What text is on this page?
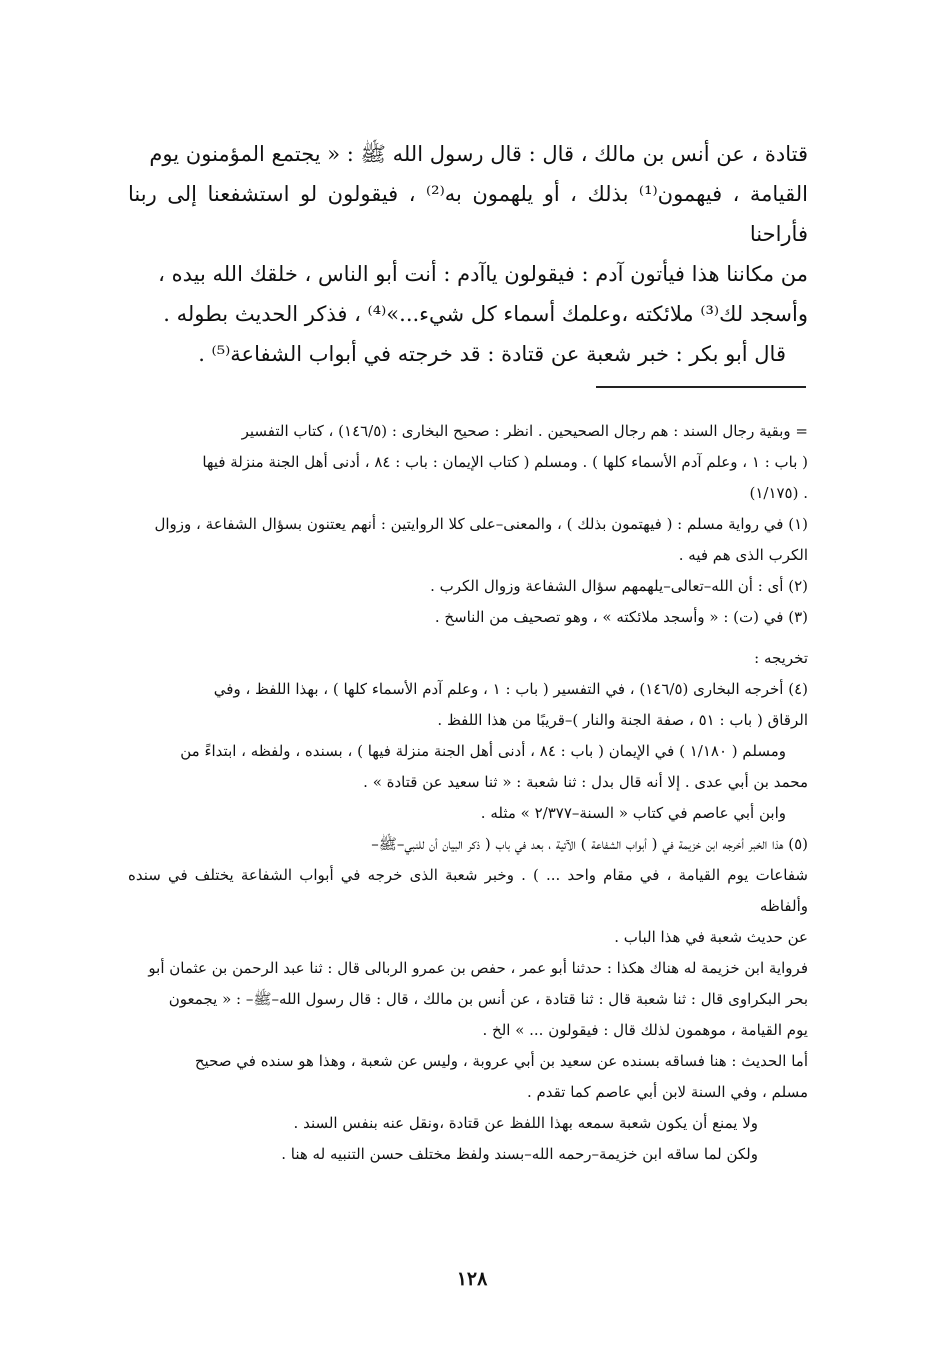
قتادة ، عن أنس بن مالك ، قال : قال رسول الله ﷺ : « يجتمع المؤمنون يوم

القيامة ، فيهمون⁽¹⁾ بذلك ، أو يلهمون به⁽²⁾ ، فيقولون لو استشفعنا إلى ربنا فأراحنا

من مكاننا هذا فيأتون آدم : فيقولون ياآدم : أنت أبو الناس ، خلقك الله بيده ،

وأسجد لك⁽³⁾ ملائكته ،وعلمك أسماء كل شيء...»⁽⁴⁾ ، فذكر الحديث بطوله .

قال أبو بكر : خبر شعبة عن قتادة : قد خرجته في أبواب الشفاعة⁽⁵⁾ .

= وبقية رجال السند : هم رجال الصحيحين . انظر : صحيح البخارى : (١٤٦/٥) ، كتاب التفسير

( باب : ١ ، وعلم آدم الأسماء كلها ) . ومسلم ( كتاب الإيمان : باب : ٨٤ ، أدنى أهل الجنة منزلة فيها

. (١/١٧٥)

(١) في رواية مسلم : ( فيهتمون بذلك ) ، والمعنى–على كلا الروايتين : أنهم يعتنون بسؤال الشفاعة ، وزوال

الكرب الذى هم فيه .

(٢) أى : أن الله–تعالى–يلهمهم سؤال الشفاعة وزوال الكرب .

(٣) في (ت) : « وأسجد ملائكته » ، وهو تصحيف من الناسخ .

تخريجه :

(٤) أخرجه البخارى (١٤٦/٥) ، في التفسير ( باب : ١ ، وعلم آدم الأسماء كلها ) ، بهذا اللفظ ، وفي

الرقاق ( باب : ٥١ ، صفة الجنة والنار )–قريبًا من هذا اللفظ .

ومسلم ( ١/١٨٠ ) في الإيمان ( باب : ٨٤ ، أدنى أهل الجنة منزلة فيها ) ، بسنده ، ولفظه ، ابتداءً من

محمد بن أبي عدى . إلا أنه قال بدل : ثنا شعبة : « ثنا سعيد عن قتادة » .

وابن أبي عاصم في كتاب « السنة–٢/٣٧٧ » مثله .

(٥) هذا الخبر أخرجه ابن خزيمة في ( أبواب الشفاعة ) الآتية ، بعد في باب ( ذكر البيان أن للنبي–ﷺ–

شفاعات يوم القيامة ، في مقام واحد ... ) . وخبر شعبة الذى خرجه في أبواب الشفاعة يختلف في سنده وألفاظه

عن حديث شعبة في هذا الباب .

فرواية ابن خزيمة له هناك هكذا : حدثنا أبو عمر ، حفص بن عمرو الربالى قال : ثنا عبد الرحمن بن عثمان أبو

بحر البكراوى قال : ثنا شعبة قال : ثنا قتادة ، عن أنس بن مالك ، قال : قال رسول الله–ﷺ– : « يجمعون

يوم القيامة ، موهمون لذلك قال : فيقولون ... » الخ .

أما الحديث : هنا فساقه بسنده عن سعيد بن أبي عروبة ، وليس عن شعبة ، وهذا هو سنده في صحيح

مسلم ، وفي السنة لابن أبي عاصم كما تقدم .

ولا يمنع أن يكون شعبة سمعه بهذا اللفظ عن قتادة ،ونقل عنه بنفس السند .

ولكن لما ساقه ابن خزيمة–رحمه الله–بسند ولفظ مختلف حسن التنبيه له هنا .

١٢٨
